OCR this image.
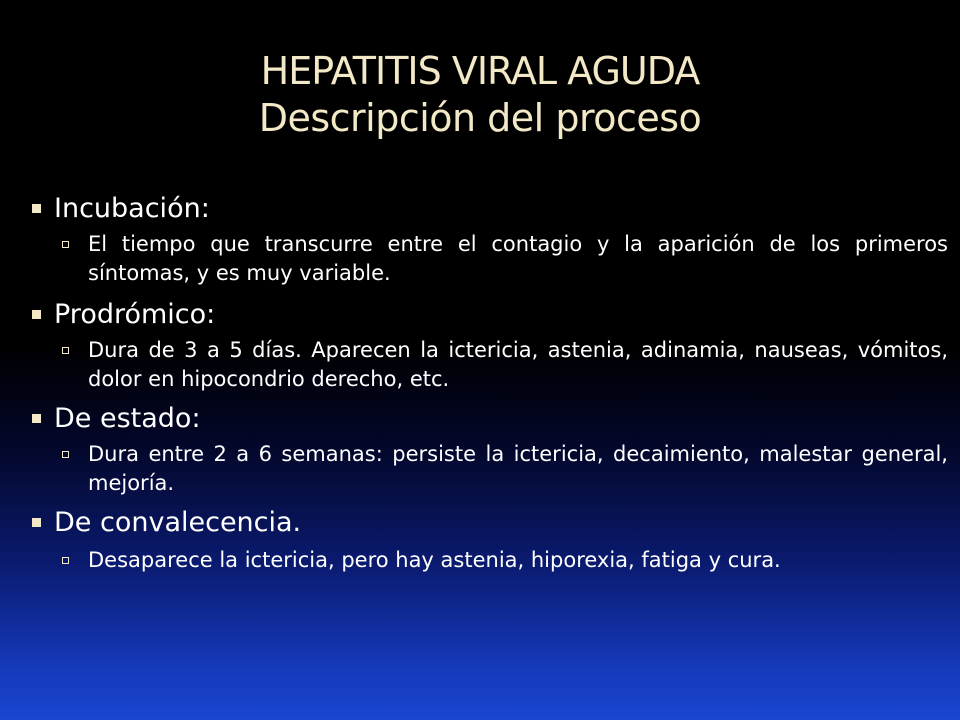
HEPATITIS VIRAL AGUDA
Descripción del proceso
Incubación:
El tiempo que transcurre entre el contagio y la aparición de los primeros síntomas, y es muy variable.
Prodrómico:
Dura de 3 a 5 días. Aparecen la ictericia, astenia, adinamia, nauseas, vómitos, dolor en hipocondrio derecho, etc.
De estado:
Dura entre 2 a 6 semanas: persiste la ictericia, decaimiento, malestar general, mejoría.
De convalecencia.
Desaparece la ictericia, pero hay astenia, hiporexia, fatiga y cura.
